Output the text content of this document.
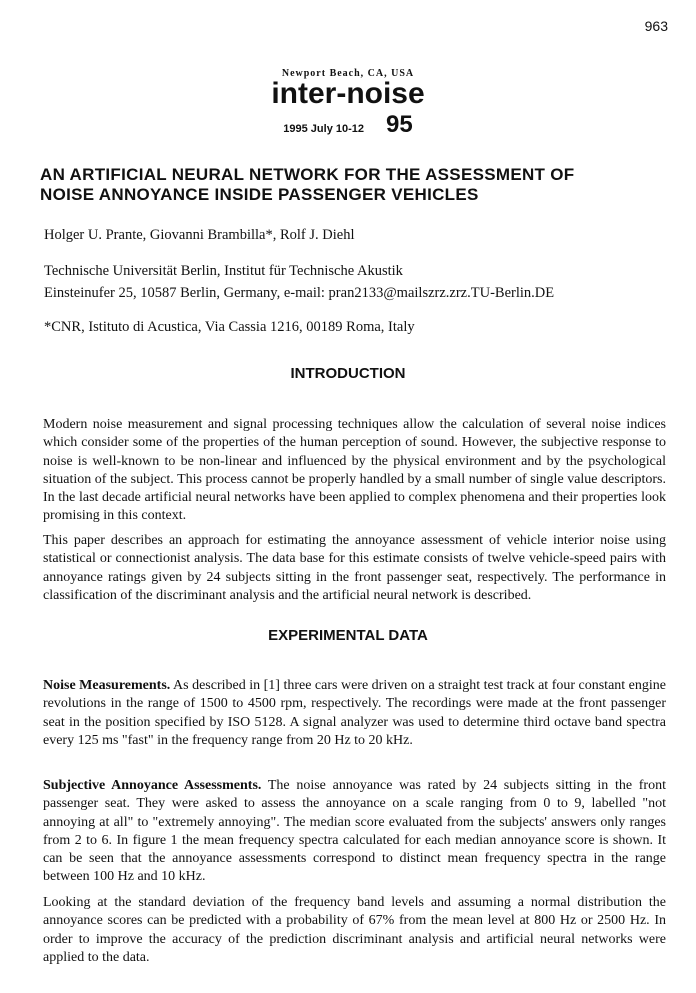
963
Newport Beach, CA, USA
inter-noise
1995 July 10-12 95
AN ARTIFICIAL NEURAL NETWORK FOR THE ASSESSMENT OF
NOISE ANNOYANCE INSIDE PASSENGER VEHICLES
Holger U. Prante, Giovanni Brambilla*, Rolf J. Diehl
Technische Universität Berlin, Institut für Technische Akustik
Einsteinufer 25, 10587 Berlin, Germany, e-mail: pran2133@mailszrz.zrz.TU-Berlin.DE
*CNR, Istituto di Acustica, Via Cassia 1216, 00189 Roma, Italy
INTRODUCTION

Modern noise measurement and signal processing techniques allow the calculation of several noise indices which consider some of the properties of the human perception of sound. However, the subjective response to noise is well-known to be non-linear and influenced by the physical environment and by the psychological situation of the subject. This process cannot be properly handled by a small number of single value descriptors. In the last decade artificial neural networks have been applied to complex phenomena and their properties look promising in this context.

This paper describes an approach for estimating the annoyance assessment of vehicle interior noise using statistical or connectionist analysis. The data base for this estimate consists of twelve vehicle-speed pairs with annoyance ratings given by 24 subjects sitting in the front passenger seat, respectively. The performance in classification of the discriminant analysis and the artificial neural network is described.

EXPERIMENTAL DATA

Noise Measurements. As described in [1] three cars were driven on a straight test track at four constant engine revolutions in the range of 1500 to 4500 rpm, respectively. The recordings were made at the front passenger seat in the position specified by ISO 5128. A signal analyzer was used to determine third octave band spectra every 125 ms "fast" in the frequency range from 20 Hz to 20 kHz.

Subjective Annoyance Assessments. The noise annoyance was rated by 24 subjects sitting in the front passenger seat. They were asked to assess the annoyance on a scale ranging from 0 to 9, labelled "not annoying at all" to "extremely annoying". The median score evaluated from the subjects' answers only ranges from 2 to 6. In figure 1 the mean frequency spectra calculated for each median annoyance score is shown. It can be seen that the annoyance assessments correspond to distinct mean frequency spectra in the range between 100 Hz and 10 kHz.

Looking at the standard deviation of the frequency band levels and assuming a normal distribution the annoyance scores can be predicted with a probability of 67% from the mean level at 800 Hz or 2500 Hz. In order to improve the accuracy of the prediction discriminant analysis and artificial neural networks were applied to the data.
